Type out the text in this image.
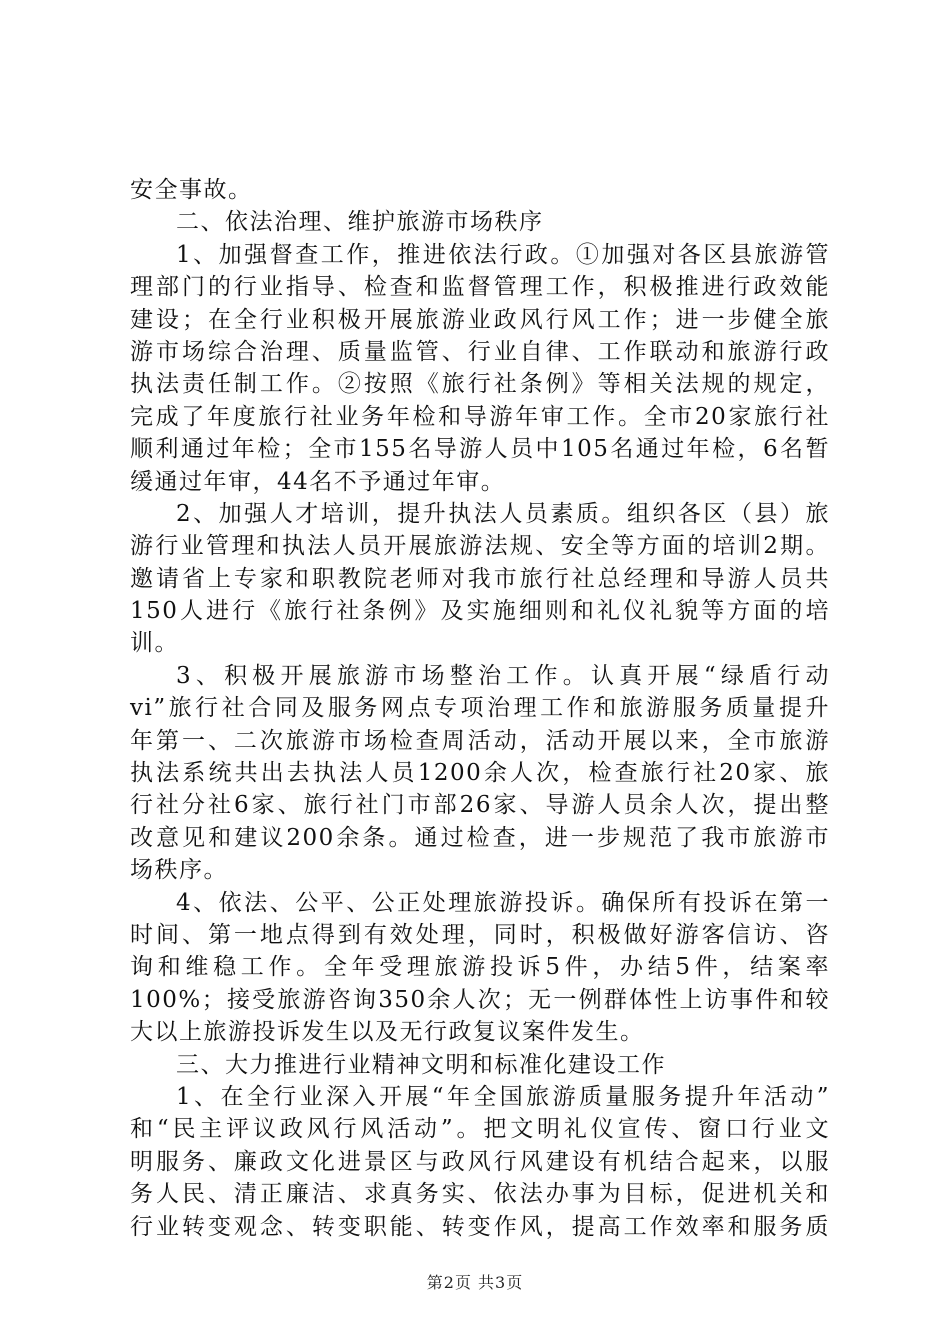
安全事故。
二、依法治理、维护旅游市场秩序
1、加强督查工作，推进依法行政。①加强对各区县旅游管
理部门的行业指导、检查和监督管理工作，积极推进行政效能
建设；在全行业积极开展旅游业政风行风工作；进一步健全旅
游市场综合治理、质量监管、行业自律、工作联动和旅游行政
执法责任制工作。②按照《旅行社条例》等相关法规的规定，
完成了年度旅行社业务年检和导游年审工作。全市20家旅行社
顺利通过年检；全市155名导游人员中105名通过年检，6名暂
缓通过年审，44名不予通过年审。
2、加强人才培训，提升执法人员素质。组织各区（县）旅
游行业管理和执法人员开展旅游法规、安全等方面的培训2期。
邀请省上专家和职教院老师对我市旅行社总经理和导游人员共
150人进行《旅行社条例》及实施细则和礼仪礼貌等方面的培
训。
3、积极开展旅游市场整治工作。认真开展“绿盾行动
vi”旅行社合同及服务网点专项治理工作和旅游服务质量提升
年第一、二次旅游市场检查周活动，活动开展以来，全市旅游
执法系统共出去执法人员1200余人次，检查旅行社20家、旅
行社分社6家、旅行社门市部26家、导游人员余人次，提出整
改意见和建议200余条。通过检查，进一步规范了我市旅游市
场秩序。
4、依法、公平、公正处理旅游投诉。确保所有投诉在第一
时间、第一地点得到有效处理，同时，积极做好游客信访、咨
询和维稳工作。全年受理旅游投诉5件，办结5件，结案率
100%；接受旅游咨询350余人次；无一例群体性上访事件和较
大以上旅游投诉发生以及无行政复议案件发生。
三、大力推进行业精神文明和标准化建设工作
1、在全行业深入开展“年全国旅游质量服务提升年活动”
和“民主评议政风行风活动”。把文明礼仪宣传、窗口行业文
明服务、廉政文化进景区与政风行风建设有机结合起来，以服
务人民、清正廉洁、求真务实、依法办事为目标，促进机关和
行业转变观念、转变职能、转变作风，提高工作效率和服务质
第2页 共3页
